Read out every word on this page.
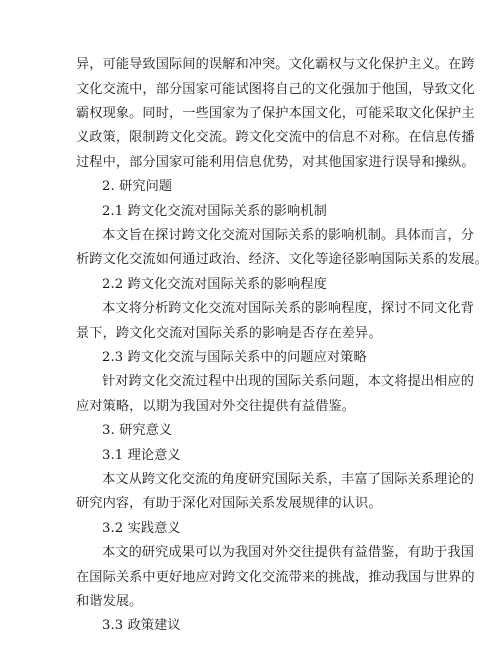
异，可能导致国际间的误解和冲突。文化霸权与文化保护主义。在跨
文化交流中，部分国家可能试图将自己的文化强加于他国，导致文化
霸权现象。同时，一些国家为了保护本国文化，可能采取文化保护主
义政策，限制跨文化交流。跨文化交流中的信息不对称。在信息传播
过程中，部分国家可能利用信息优势，对其他国家进行误导和操纵。
2. 研究问题
2.1 跨文化交流对国际关系的影响机制
本文旨在探讨跨文化交流对国际关系的影响机制。具体而言，分
析跨文化交流如何通过政治、经济、文化等途径影响国际关系的发展。
2.2 跨文化交流对国际关系的影响程度
本文将分析跨文化交流对国际关系的影响程度，探讨不同文化背
景下，跨文化交流对国际关系的影响是否存在差异。
2.3 跨文化交流与国际关系中的问题应对策略
针对跨文化交流过程中出现的国际关系问题，本文将提出相应的
应对策略，以期为我国对外交往提供有益借鉴。
3. 研究意义
3.1 理论意义
本文从跨文化交流的角度研究国际关系，丰富了国际关系理论的
研究内容，有助于深化对国际关系发展规律的认识。
3.2 实践意义
本文的研究成果可以为我国对外交往提供有益借鉴，有助于我国
在国际关系中更好地应对跨文化交流带来的挑战，推动我国与世界的
和谐发展。
3.3 政策建议
